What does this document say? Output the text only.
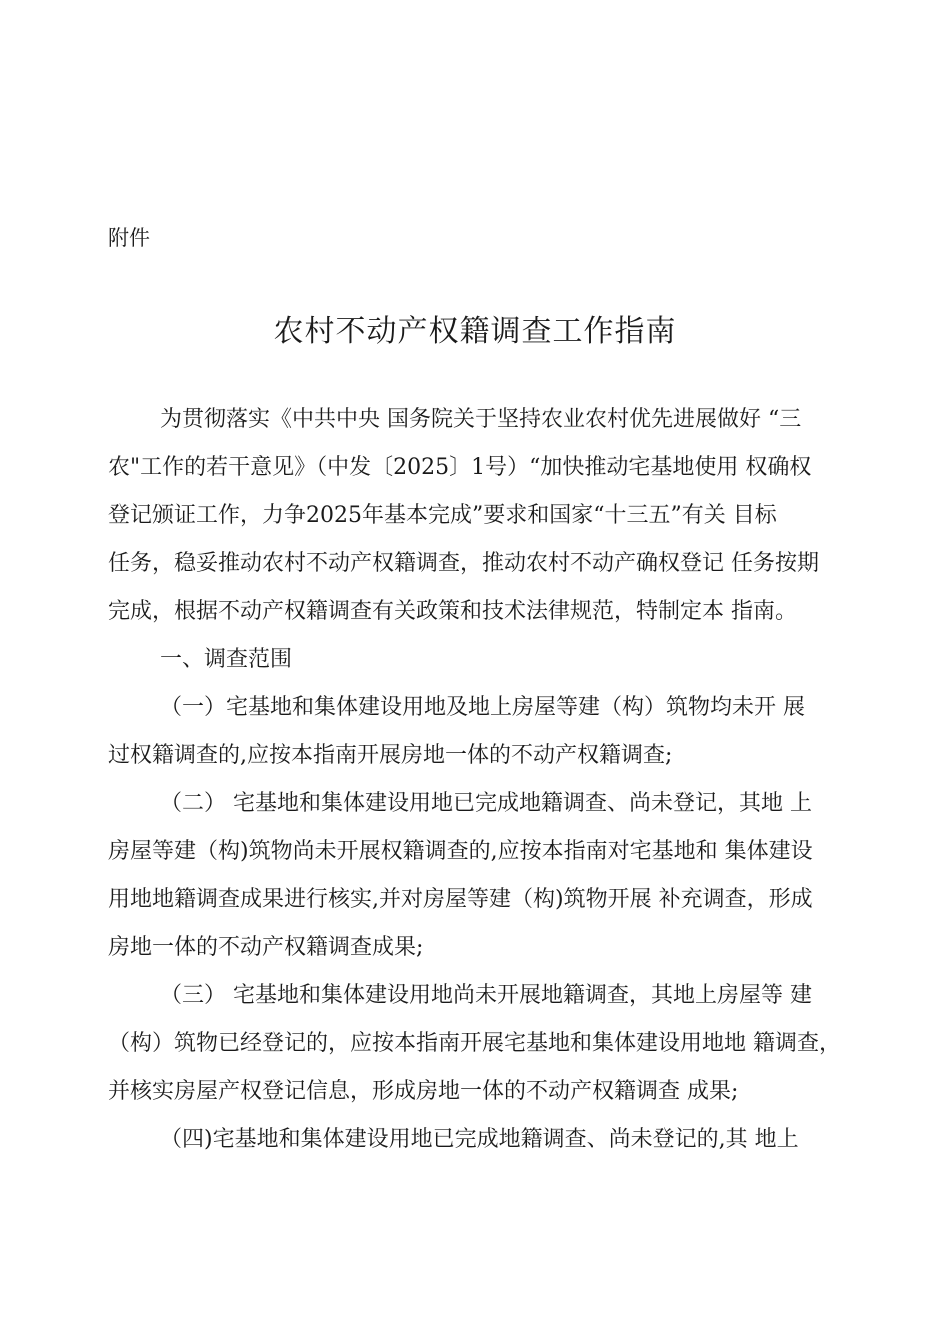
附件
农村不动产权籍调查工作指南
为贯彻落实《中共中央 国务院关于坚持农业农村优先进展做好 “三
农"工作的若干意见》（中发〔2025〕1号）“加快推动宅基地使用 权确权
登记颁证工作，力争2025年基本完成”要求和国家“十三五”有关 目标
任务，稳妥推动农村不动产权籍调查，推动农村不动产确权登记 任务按期
完成，根据不动产权籍调查有关政策和技术法律规范，特制定本 指南。
一、调查范围
（一）宅基地和集体建设用地及地上房屋等建（构）筑物均未开 展
过权籍调查的,应按本指南开展房地一体的不动产权籍调查;
（二） 宅基地和集体建设用地已完成地籍调查、尚未登记，其地 上
房屋等建（构)筑物尚未开展权籍调查的,应按本指南对宅基地和 集体建设
用地地籍调查成果进行核实,并对房屋等建（构)筑物开展 补充调查，形成
房地一体的不动产权籍调查成果;
（三） 宅基地和集体建设用地尚未开展地籍调查，其地上房屋等 建
（构）筑物已经登记的，应按本指南开展宅基地和集体建设用地地 籍调查，
并核实房屋产权登记信息，形成房地一体的不动产权籍调查 成果;
（四)宅基地和集体建设用地已完成地籍调查、尚未登记的,其 地上
